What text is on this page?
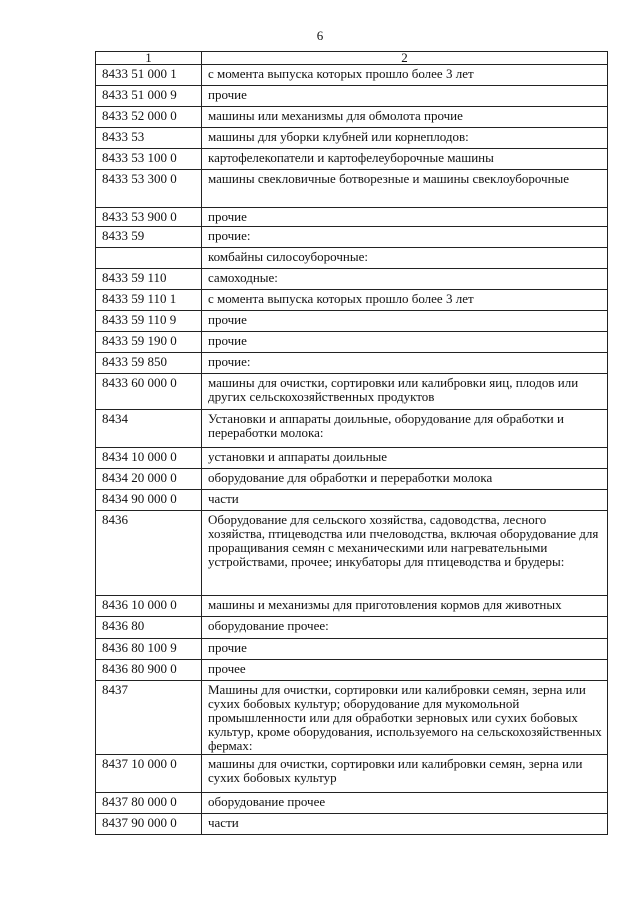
6
1	2
8433 51 000 1	с момента выпуска которых прошло более 3 лет
8433 51 000 9	прочие
8433 52 000 0	машины или механизмы для обмолота прочие
8433 53	машины для уборки клубней или корнеплодов:
8433 53 100 0	картофелекопатели и картофелеуборочные машины
8433 53 300 0	машины свекловичные ботворезные и машины свеклоуборочные
8433 53 900 0	прочие
8433 59	прочие:
	комбайны силосоуборочные:
8433 59 110	самоходные:
8433 59 110 1	с момента выпуска которых прошло более 3 лет
8433 59 110 9	прочие
8433 59 190 0	прочие
8433 59 850	прочие:
8433 60 000 0	машины для очистки, сортировки или калибровки яиц, плодов или других сельскохозяйственных продуктов
8434	Установки и аппараты доильные, оборудование для обработки и переработки молока:
8434 10 000 0	установки и аппараты доильные
8434 20 000 0	оборудование для обработки и переработки молока
8434 90 000 0	части
8436	Оборудование для сельского хозяйства, садоводства, лесного хозяйства, птицеводства или пчеловодства, включая оборудование для проращивания семян с механическими или нагревательными устройствами, прочее; инкубаторы для птицеводства и брудеры:
8436 10 000 0	машины и механизмы для приготовления кормов для животных
8436 80	оборудование прочее:
8436 80 100 9	прочие
8436 80 900 0	прочее
8437	Машины для очистки, сортировки или калибровки семян, зерна или сухих бобовых культур; оборудование для мукомольной промышленности или для обработки зерновых или сухих бобовых культур, кроме оборудования, используемого на сельскохозяйственных фермах:
8437 10 000 0	машины для очистки, сортировки или калибровки семян, зерна или сухих бобовых культур
8437 80 000 0	оборудование прочее
8437 90 000 0	части
